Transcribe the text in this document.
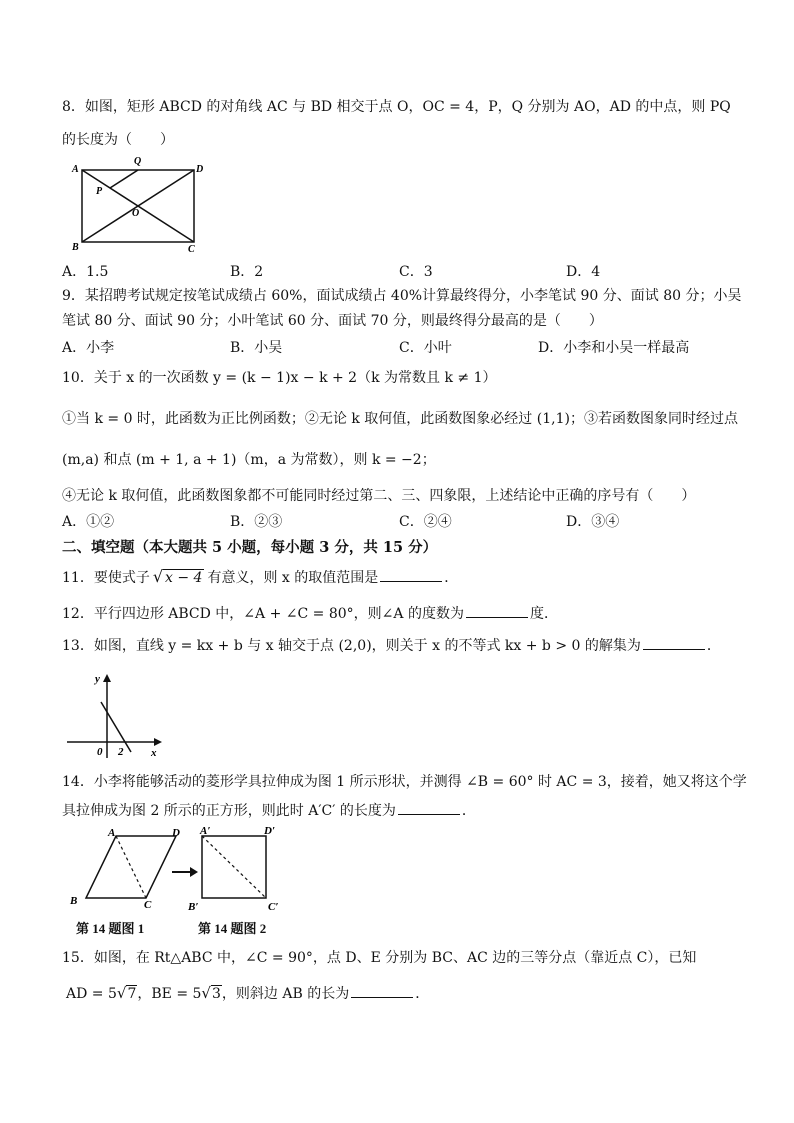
8．如图，矩形 ABCD 的对角线 AC 与 BD 相交于点 O，OC = 4，P，Q 分别为 AO，AD 的中点，则 PQ
的长度为（　　）
A
Q
D
P
O
B	C
A．1.5	B．2	C．3	D．4
9．某招聘考试规定按笔试成绩占 60%，面试成绩占 40%计算最终得分，小李笔试 90 分、面试 80 分；小吴
笔试 80 分、面试 90 分；小叶笔试 60 分、面试 70 分，则最终得分最高的是（　　）
A．小李	B．小吴	C．小叶	D．小李和小吴一样最高
10．关于 x 的一次函数 y = (k − 1)x − k + 2（k 为常数且 k ≠ 1）
①当 k = 0 时，此函数为正比例函数；②无论 k 取何值，此函数图象必经过 (1,1)；③若函数图象同时经过点
(m,a) 和点 (m + 1, a + 1)（m，a 为常数），则 k = −2；
④无论 k 取何值，此函数图象都不可能同时经过第二、三、四象限，上述结论中正确的序号有（　　）
A．①②	B．②③	C．②④	D．③④
二、填空题（本大题共 5 小题，每小题 3 分，共 15 分）
11．要使式子 √ x − 4 有意义，则 x 的取值范围是	．
12．平行四边形 ABCD 中，∠A + ∠C = 80°，则∠A 的度数为	度．
13．如图，直线 y = kx + b 与 x 轴交于点 (2,0)，则关于 x 的不等式 kx + b > 0 的解集为	．
y
x
0 2
14．小李将能够活动的菱形学具拉伸成为图 1 所示形状，并测得 ∠B = 60° 时 AC = 3，接着，她又将这个学
具拉伸成为图 2 所示的正方形，则此时 A′C′ 的长度为	．
A	D
B	C
A′	D′
B′	C′
第 14 题图 1	第 14 题图 2
15．如图，在 Rt△ABC 中，∠C = 90°，点 D、E 分别为 BC、AC 边的三等分点（靠近点 C），已知
AD = 5√7，BE = 5√3，则斜边 AB 的长为	．
